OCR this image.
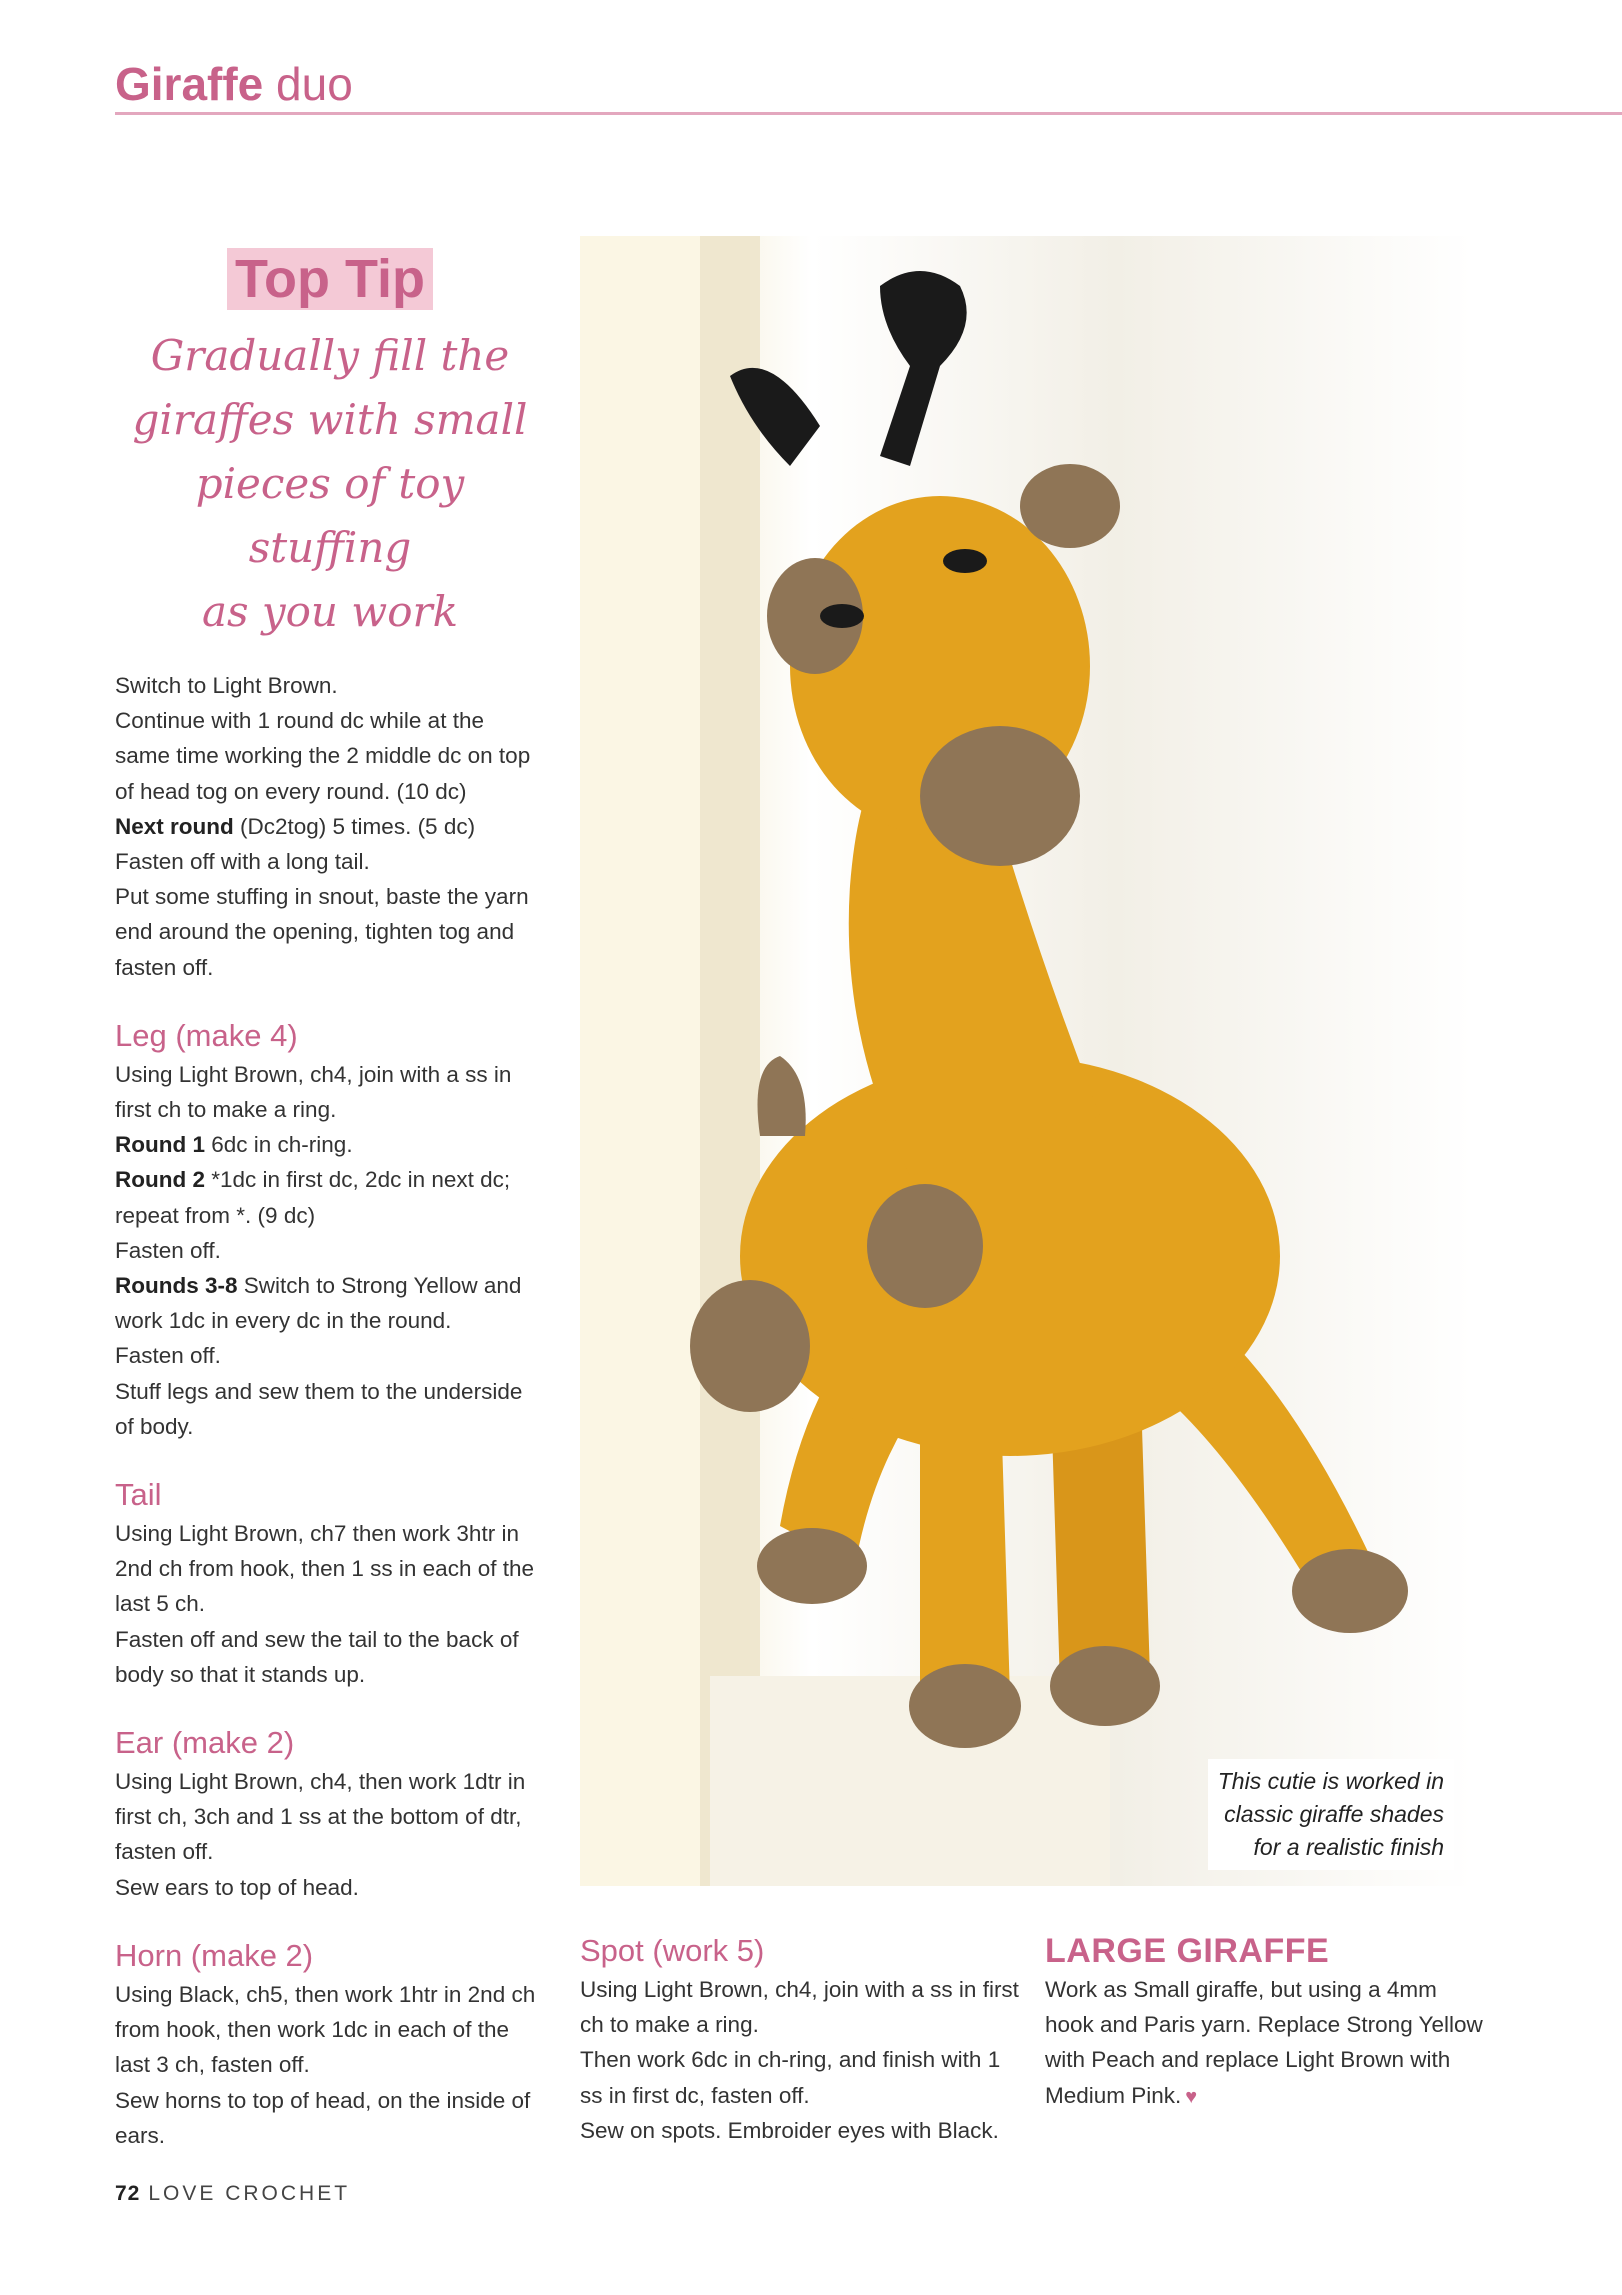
Giraffe duo
Top Tip
Gradually fill the
giraffes with small
pieces of toy stuffing
as you work

Switch to Light Brown.

Continue with 1 round dc while at the same time working the 2 middle dc on top of head tog on every round. (10 dc)

Next round (Dc2tog) 5 times. (5 dc)

Fasten off with a long tail.

Put some stuffing in snout, baste the yarn end around the opening, tighten tog and fasten off.

Leg (make 4)

Using Light Brown, ch4, join with a ss in first ch to make a ring.

Round 1 6dc in ch-ring.

Round 2 *1dc in first dc, 2dc in next dc; repeat from *. (9 dc)

Fasten off.

Rounds 3-8 Switch to Strong Yellow and work 1dc in every dc in the round.

Fasten off.

Stuff legs and sew them to the underside of body.

Tail

Using Light Brown, ch7 then work 3htr in 2nd ch from hook, then 1 ss in each of the last 5 ch.

Fasten off and sew the tail to the back of body so that it stands up.

Ear (make 2)

Using Light Brown, ch4, then work 1dtr in first ch, 3ch and 1 ss at the bottom of dtr, fasten off.

Sew ears to top of head.

Horn (make 2)

Using Black, ch5, then work 1htr in 2nd ch from hook, then work 1dc in each of the last 3 ch, fasten off.

Sew horns to top of head, on the inside of ears.

This cutie is worked in
classic giraffe shades
for a realistic finish
Spot (work 5)

Using Light Brown, ch4, join with a ss in first ch to make a ring.

Then work 6dc in ch-ring, and finish with 1 ss in first dc, fasten off.

Sew on spots. Embroider eyes with Black.

LARGE GIRAFFE

Work as Small giraffe, but using a 4mm hook and Paris yarn. Replace Strong Yellow with Peach and replace Light Brown with Medium Pink. ♥

72 LOVE CROCHET
